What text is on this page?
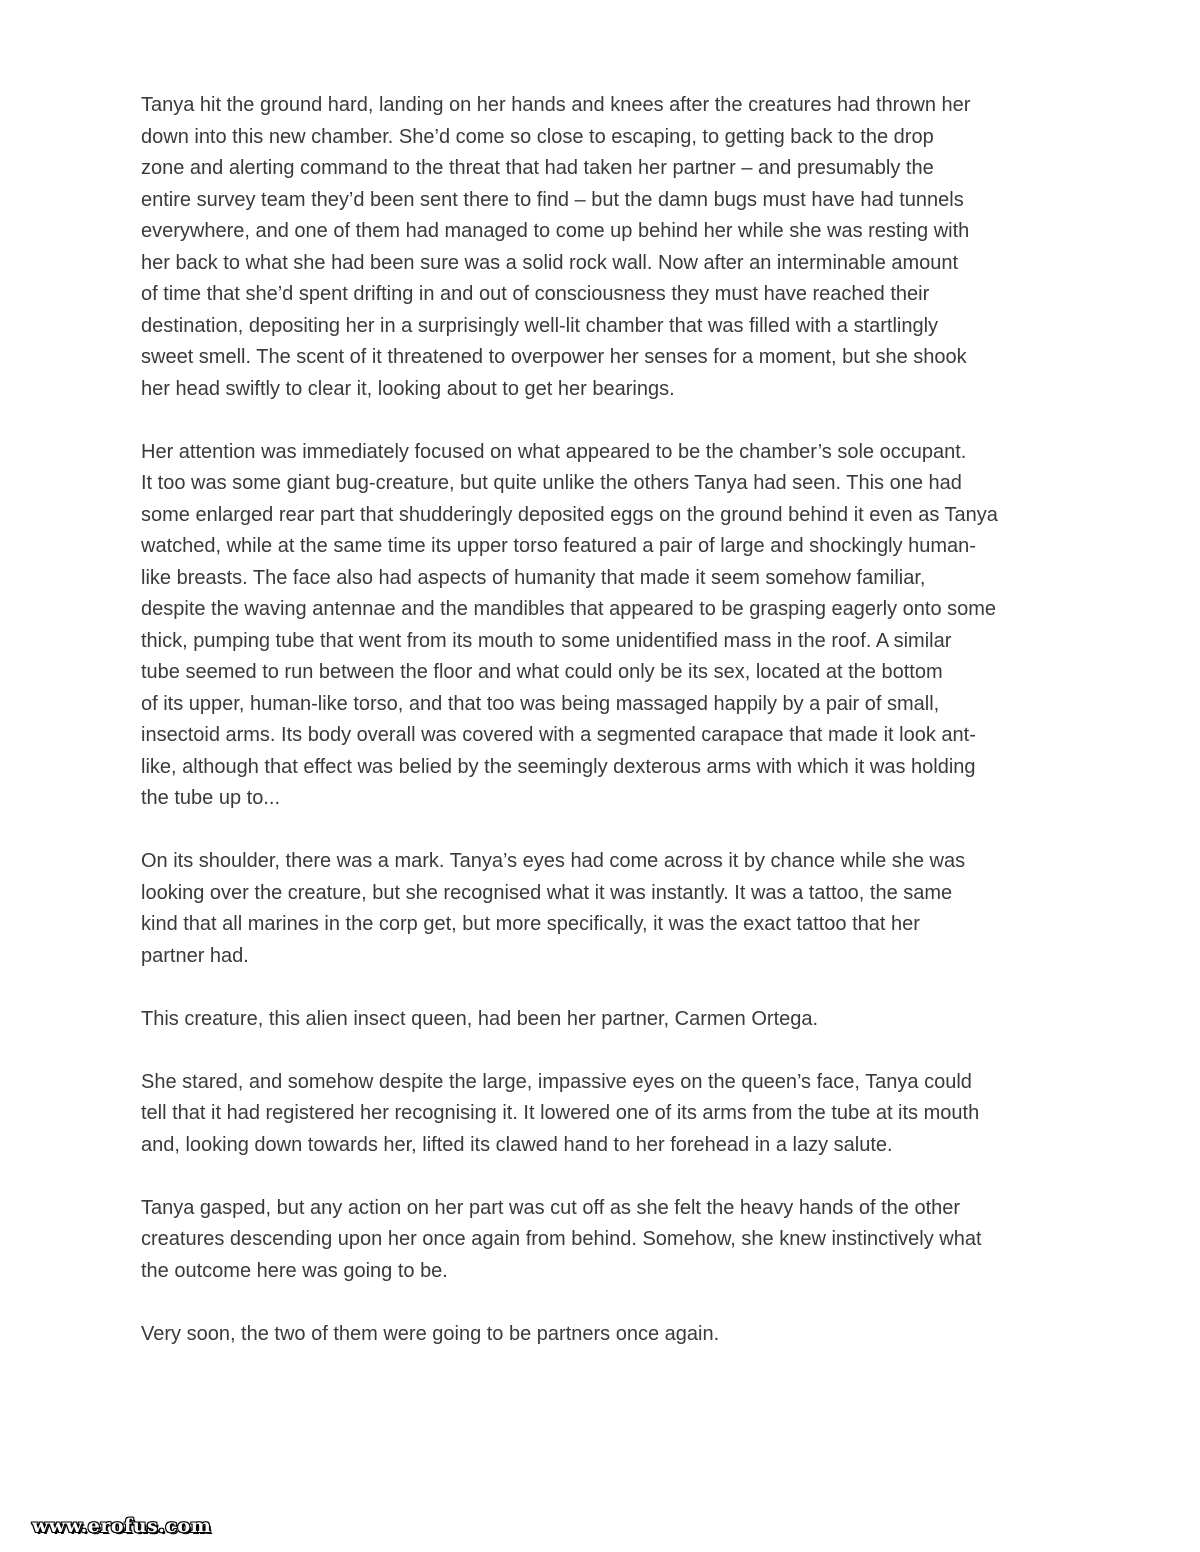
Tanya hit the ground hard, landing on her hands and knees after the creatures had thrown her
down into this new chamber. She’d come so close to escaping, to getting back to the drop
zone and alerting command to the threat that had taken her partner – and presumably the
entire survey team they’d been sent there to find – but the damn bugs must have had tunnels
everywhere, and one of them had managed to come up behind her while she was resting with
her back to what she had been sure was a solid rock wall. Now after an interminable amount
of time that she’d spent drifting in and out of consciousness they must have reached their
destination, depositing her in a surprisingly well-lit chamber that was filled with a startlingly
sweet smell. The scent of it threatened to overpower her senses for a moment, but she shook
her head swiftly to clear it, looking about to get her bearings.

Her attention was immediately focused on what appeared to be the chamber’s sole occupant.
It too was some giant bug-creature, but quite unlike the others Tanya had seen. This one had
some enlarged rear part that shudderingly deposited eggs on the ground behind it even as Tanya
watched, while at the same time its upper torso featured a pair of large and shockingly human-
like breasts. The face also had aspects of humanity that made it seem somehow familiar,
despite the waving antennae and the mandibles that appeared to be grasping eagerly onto some
thick, pumping tube that went from its mouth to some unidentified mass in the roof. A similar
tube seemed to run between the floor and what could only be its sex, located at the bottom
of its upper, human-like torso, and that too was being massaged happily by a pair of small,
insectoid arms. Its body overall was covered with a segmented carapace that made it look ant-
like, although that effect was belied by the seemingly dexterous arms with which it was holding
the tube up to...

On its shoulder, there was a mark. Tanya’s eyes had come across it by chance while she was
looking over the creature, but she recognised what it was instantly. It was a tattoo, the same
kind that all marines in the corp get, but more specifically, it was the exact tattoo that her
partner had.

This creature, this alien insect queen, had been her partner, Carmen Ortega.

She stared, and somehow despite the large, impassive eyes on the queen’s face, Tanya could
tell that it had registered her recognising it. It lowered one of its arms from the tube at its mouth
and, looking down towards her, lifted its clawed hand to her forehead in a lazy salute.

Tanya gasped, but any action on her part was cut off as she felt the heavy hands of the other
creatures descending upon her once again from behind. Somehow, she knew instinctively what
the outcome here was going to be.

Very soon, the two of them were going to be partners once again.

www.erofus.com
